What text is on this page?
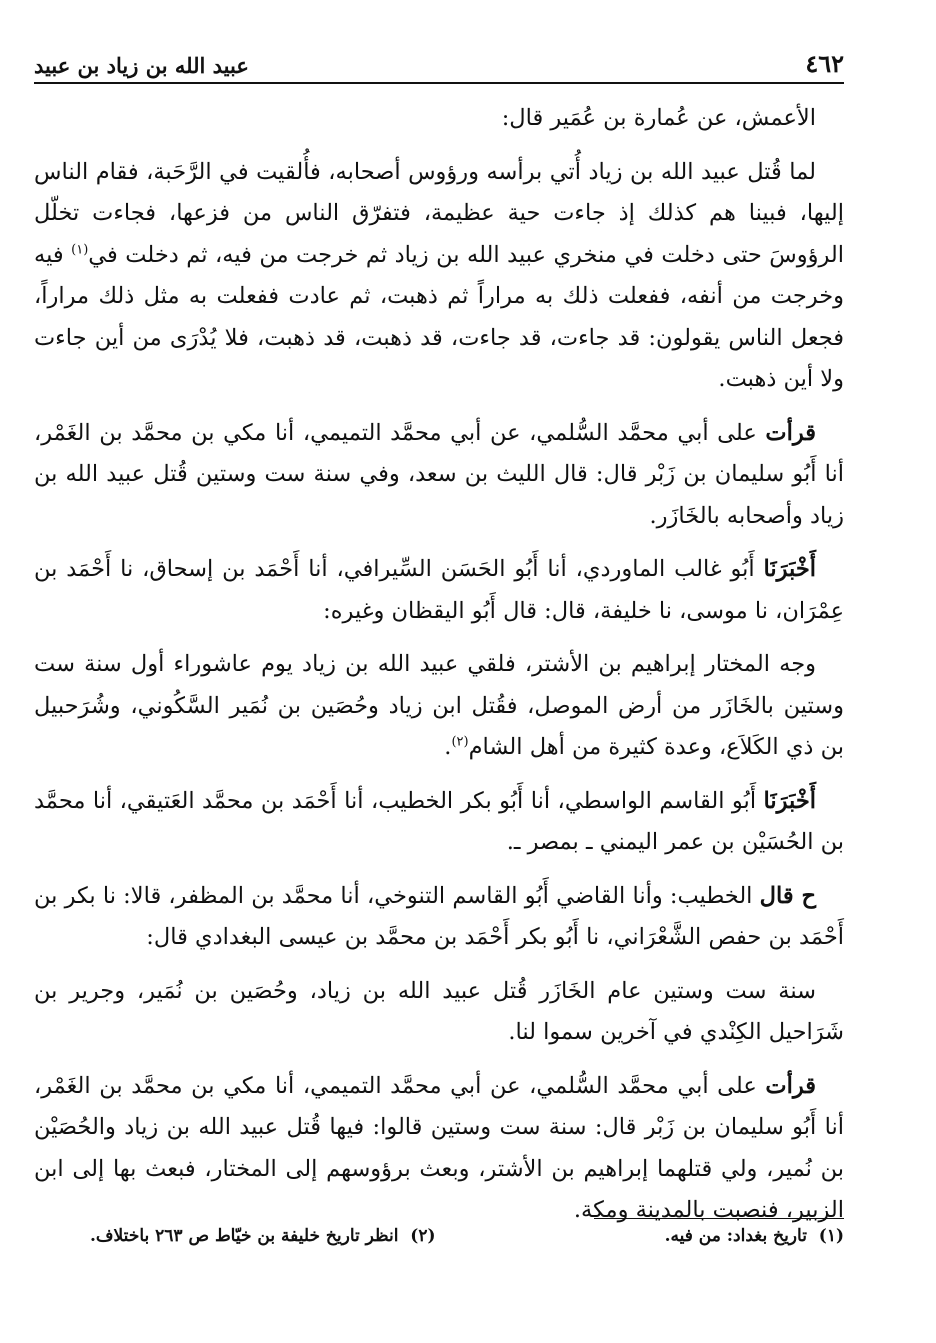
٤٦٢
عبيد الله بن زياد بن عبيد

الأعمش، عن عُمارة بن عُمَير قال:

لما قُتل عبيد الله بن زياد أُتي برأسه ورؤوس أصحابه، فأُلقيت في الرَّحَبة، فقام الناس إليها، فبينا هم كذلك إذ جاءت حية عظيمة، فتفرّق الناس من فزعها، فجاءت تخلّل الرؤوسَ حتى دخلت في منخري عبيد الله بن زياد ثم خرجت من فيه، ثم دخلت في$^{(١)}$ فيه وخرجت من أنفه، ففعلت ذلك به مراراً ثم ذهبت، ثم عادت ففعلت به مثل ذلك مراراً، فجعل الناس يقولون: قد جاءت، قد جاءت، قد ذهبت، قد ذهبت، فلا يُدْرَى من أين جاءت ولا أين ذهبت.

قرأت على أبي محمَّد السُّلمي، عن أبي محمَّد التميمي، أنا مكي بن محمَّد بن الغَمْر، أنا أَبُو سليمان بن زَبْر قال: قال الليث بن سعد، وفي سنة ست وستين قُتل عبيد الله بن زياد وأصحابه بالخَازَر.

أَخْبَرَنَا أَبُو غالب الماوردي، أنا أَبُو الحَسَن السِّيرافي، أنا أَحْمَد بن إسحاق، نا أَحْمَد بن عِمْرَان، نا موسى، نا خليفة، قال: قال أَبُو اليقظان وغيره:

وجه المختار إبراهيم بن الأشتر، فلقي عبيد الله بن زياد يوم عاشوراء أول سنة ست وستين بالخَازَر من أرض الموصل، فقُتل ابن زياد وحُصَين بن نُمَير السَّكُوني، وشُرَحبيل بن ذي الكَلاَع، وعدة كثيرة من أهل الشام$^{(٢)}$.

أَخْبَرَنَا أَبُو القاسم الواسطي، أنا أَبُو بكر الخطيب، أنا أَحْمَد بن محمَّد العَتيقي، أنا محمَّد بن الحُسَيْن بن عمر اليمني ـ بمصر ـ.

ح قال الخطيب: وأنا القاضي أَبُو القاسم التنوخي، أنا محمَّد بن المظفر، قالا: نا بكر بن أَحْمَد بن حفص الشَّعْرَاني، نا أَبُو بكر أَحْمَد بن محمَّد بن عيسى البغدادي قال:

سنة ست وستين عام الخَازَر قُتل عبيد الله بن زياد، وحُصَين بن نُمَير، وجرير بن شَرَاحيل الكِنْدي في آخرين سموا لنا.

قرأت على أبي محمَّد السُّلمي، عن أبي محمَّد التميمي، أنا مكي بن محمَّد بن الغَمْر، أنا أَبُو سليمان بن زَبْر قال: سنة ست وستين قالوا: فيها قُتل عبيد الله بن زياد والحُصَيْن بن نُمير، ولي قتلهما إبراهيم بن الأشتر، وبعث برؤوسهم إلى المختار، فبعث بها إلى ابن الزبير، فنصبت بالمدينة ومكة.

(١)  تاريخ بغداد: من فيه.
(٢)  انظر تاريخ خليفة بن خيّاط ص ٢٦٣ باختلاف.
